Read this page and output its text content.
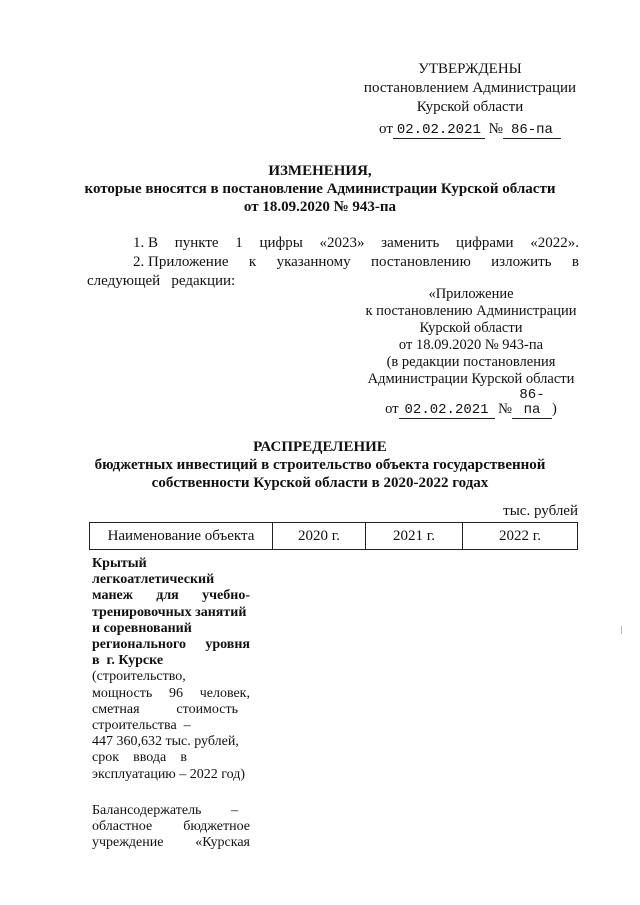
УТВЕРЖДЕНЫ
постановлением Администрации
Курской области
от 02.02.2021 № 86-па
ИЗМЕНЕНИЯ,
которые вносятся в постановление Администрации Курской области
от 18.09.2020 № 943-па
1. В пункте 1 цифры «2023» заменить цифрами «2022».
2. Приложение к указанному постановлению изложить в
следующей   редакции:
«Приложение
к постановлению Администрации
Курской области
от 18.09.2020 № 943-па
(в редакции постановления
Администрации Курской области
от 02.02.2021 №86-па )
РАСПРЕДЕЛЕНИЕ
бюджетных инвестиций в строительство объекта государственной
собственности Курской области в 2020-2022 годах
тыс. рублей
Наименование объекта	2020 г.	2021 г.	2022 г.
Крытый
легкоатлетический
манеж для учебно-
тренировочных занятий
и соревнований
регионального уровня
в  г. Курске
(строительство,
мощность 96 человек,
сметная	стоимость
строительства  –
447 360,632 тыс. рублей,
срок ввода в
эксплуатацию – 2022 год)
Балансодержатель –
областное бюджетное
учреждение «Курская
